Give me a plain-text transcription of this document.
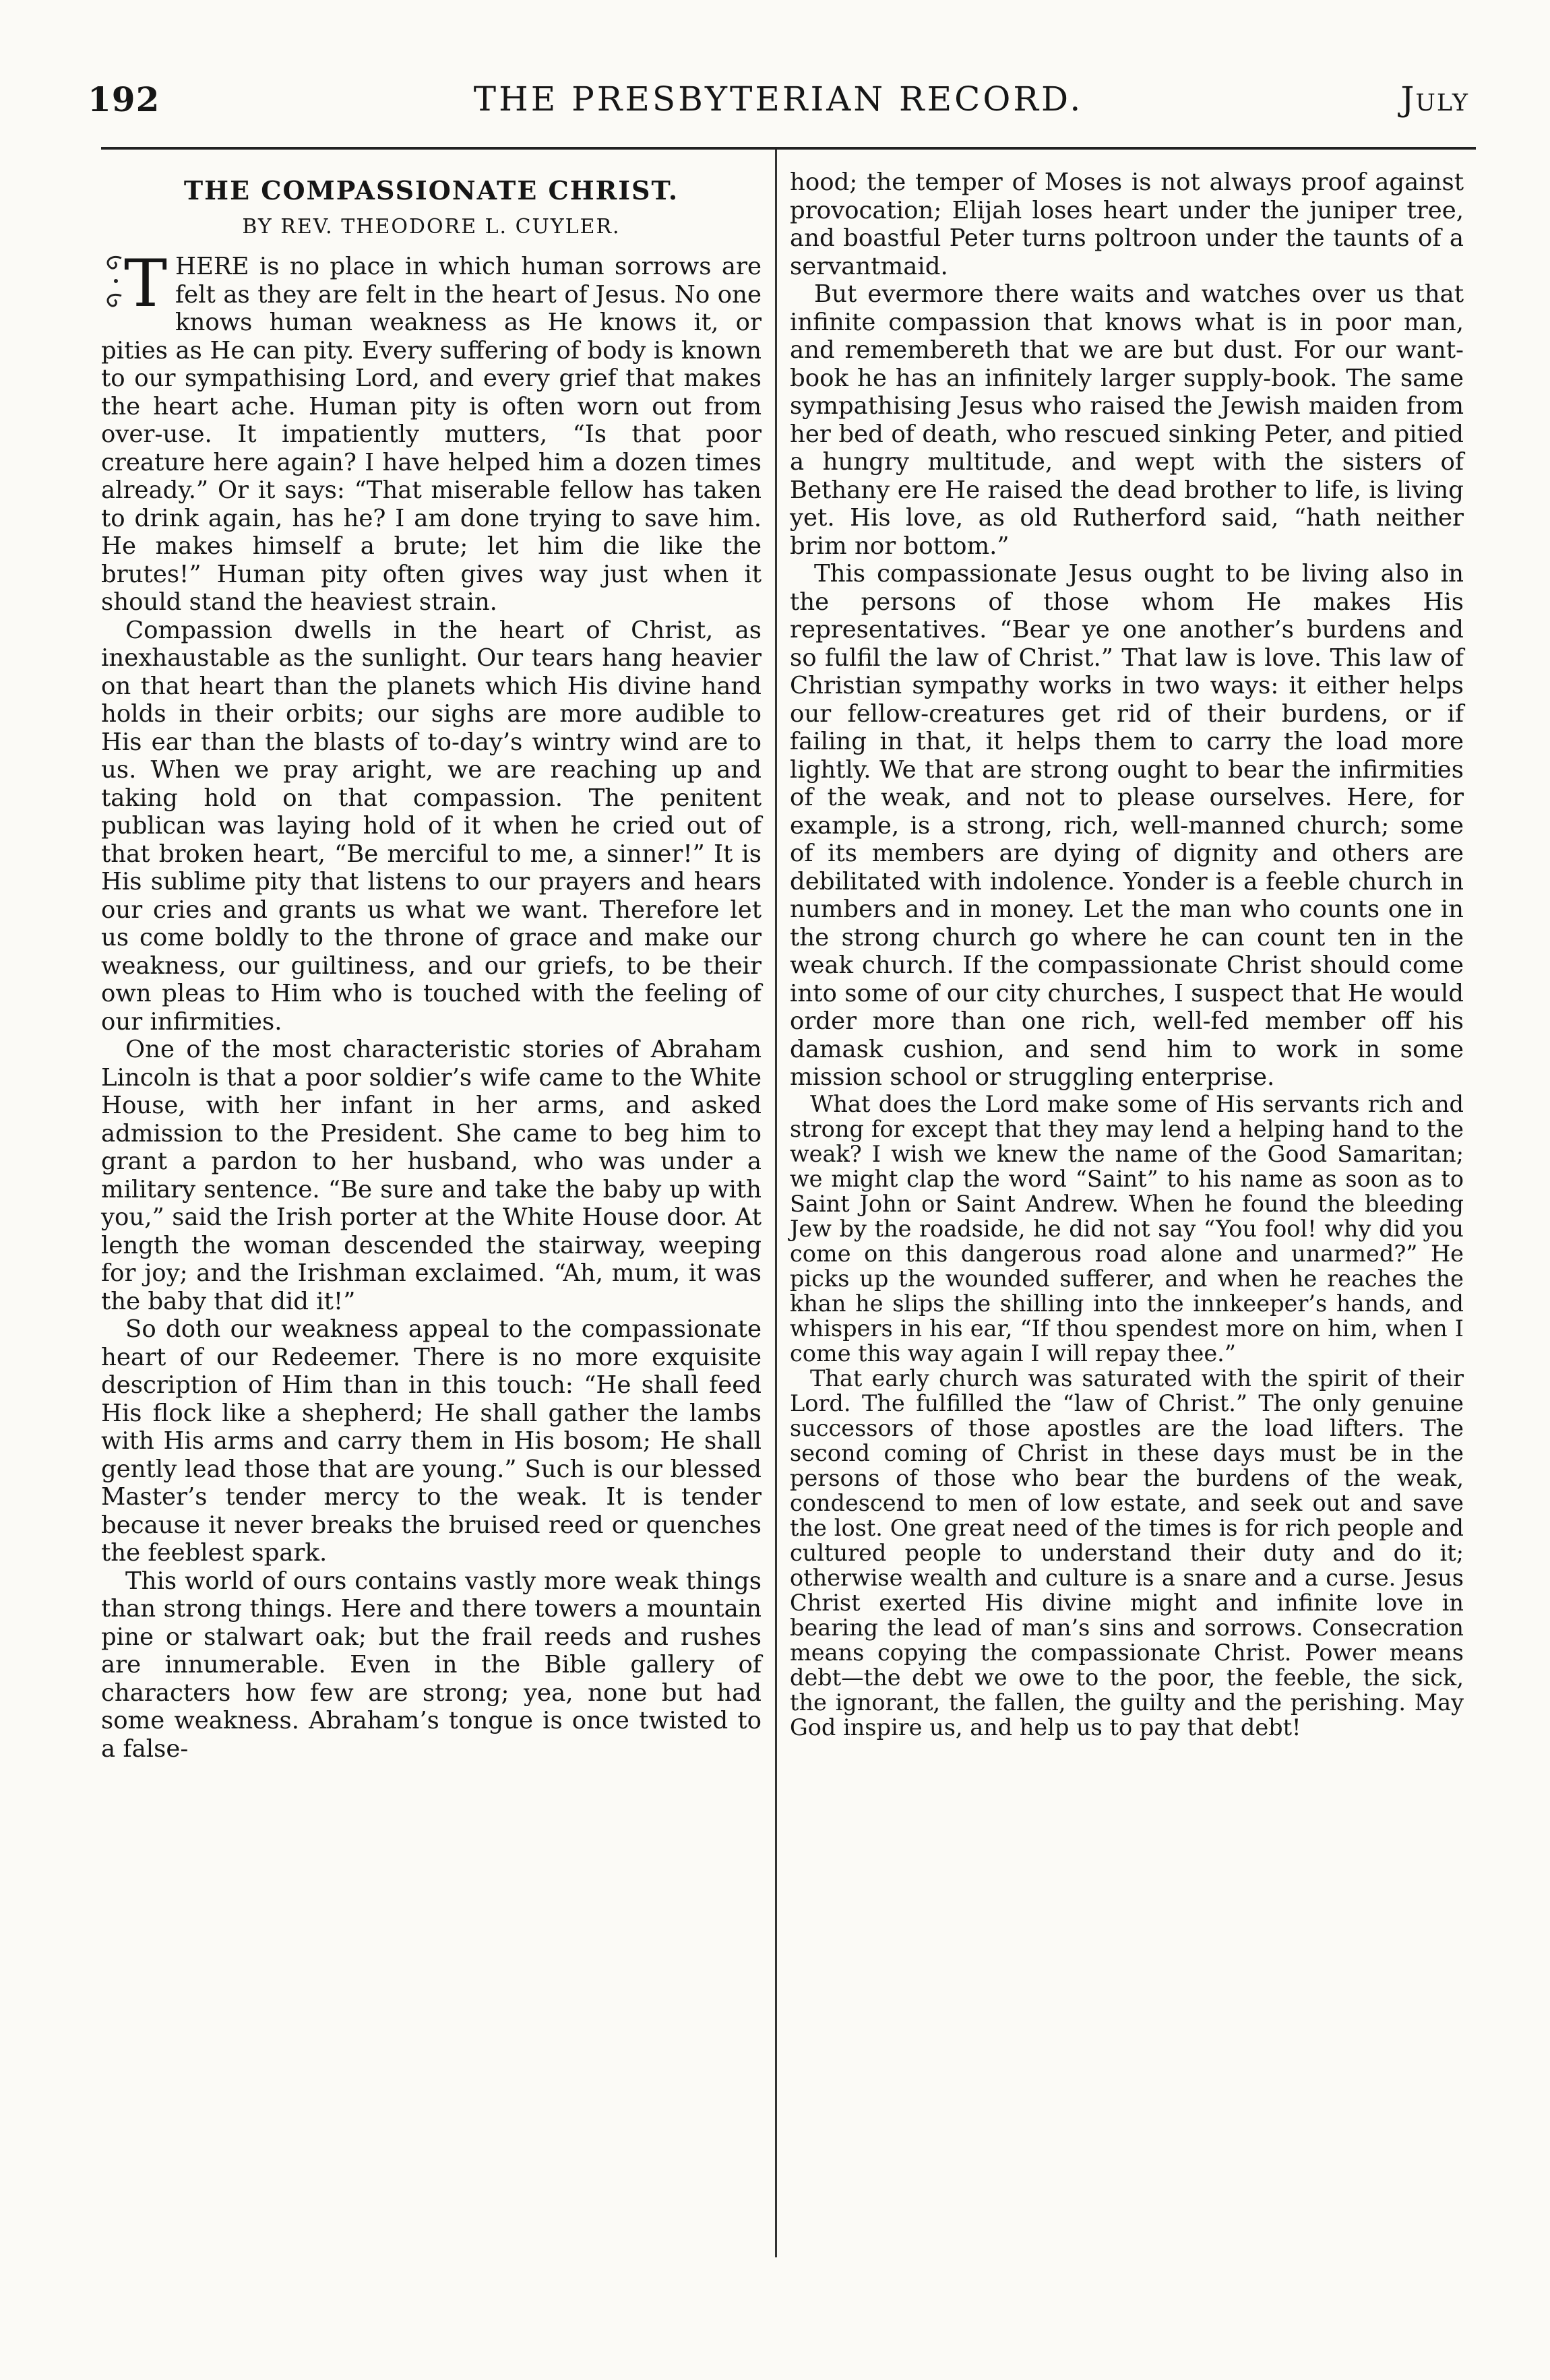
192	THE PRESBYTERIAN RECORD.	July
THE COMPASSIONATE CHRIST.
BY REV. THEODORE L. CUYLER.

THERE is no place in which human sorrows are felt as they are felt in the heart of Jesus. No one knows human weakness as He knows it, or pities as He can pity. Every suffering of body is known to our sympathising Lord, and every grief that makes the heart ache. Human pity is often worn out from over-use. It impatiently mutters, “Is that poor creature here again? I have helped him a dozen times already.” Or it says: “That miserable fellow has taken to drink again, has he? I am done trying to save him. He makes himself a brute; let him die like the brutes!” Human pity often gives way just when it should stand the heaviest strain.

Compassion dwells in the heart of Christ, as inexhaustable as the sunlight. Our tears hang heavier on that heart than the planets which His divine hand holds in their orbits; our sighs are more audible to His ear than the blasts of to-day’s wintry wind are to us. When we pray aright, we are reaching up and taking hold on that compassion. The penitent publican was laying hold of it when he cried out of that broken heart, “Be merciful to me, a sinner!” It is His sublime pity that listens to our prayers and hears our cries and grants us what we want. Therefore let us come boldly to the throne of grace and make our weakness, our guiltiness, and our griefs, to be their own pleas to Him who is touched with the feeling of our infirmities.

One of the most characteristic stories of Abraham Lincoln is that a poor soldier’s wife came to the White House, with her infant in her arms, and asked admission to the President. She came to beg him to grant a pardon to her husband, who was under a military sentence. “Be sure and take the baby up with you,” said the Irish porter at the White House door. At length the woman descended the stairway, weeping for joy; and the Irishman exclaimed. “Ah, mum, it was the baby that did it!”

So doth our weakness appeal to the compassionate heart of our Redeemer. There is no more exquisite description of Him than in this touch: “He shall feed His flock like a shepherd; He shall gather the lambs with His arms and carry them in His bosom; He shall gently lead those that are young.” Such is our blessed Master’s tender mercy to the weak. It is tender because it never breaks the bruised reed or quenches the feeblest spark.

This world of ours contains vastly more weak things than strong things. Here and there towers a mountain pine or stalwart oak; but the frail reeds and rushes are innumerable. Even in the Bible gallery of characters how few are strong; yea, none but had some weakness. Abraham’s tongue is once twisted to a false-

hood; the temper of Moses is not always proof against provocation; Elijah loses heart under the juniper tree, and boastful Peter turns poltroon under the taunts of a servantmaid.

But evermore there waits and watches over us that infinite compassion that knows what is in poor man, and remembereth that we are but dust. For our want-book he has an infinitely larger supply-book. The same sympathising Jesus who raised the Jewish maiden from her bed of death, who rescued sinking Peter, and pitied a hungry multitude, and wept with the sisters of Bethany ere He raised the dead brother to life, is living yet. His love, as old Rutherford said, “hath neither brim nor bottom.”

This compassionate Jesus ought to be living also in the persons of those whom He makes His representatives. “Bear ye one another’s burdens and so fulfil the law of Christ.” That law is love. This law of Christian sympathy works in two ways: it either helps our fellow-creatures get rid of their burdens, or if failing in that, it helps them to carry the load more lightly. We that are strong ought to bear the infirmities of the weak, and not to please ourselves. Here, for example, is a strong, rich, well-manned church; some of its members are dying of dignity and others are debilitated with indolence. Yonder is a feeble church in numbers and in money. Let the man who counts one in the strong church go where he can count ten in the weak church. If the compassionate Christ should come into some of our city churches, I suspect that He would order more than one rich, well-fed member off his damask cushion, and send him to work in some mission school or struggling enterprise.

What does the Lord make some of His servants rich and strong for except that they may lend a helping hand to the weak? I wish we knew the name of the Good Samaritan; we might clap the word “Saint” to his name as soon as to Saint John or Saint Andrew. When he found the bleeding Jew by the roadside, he did not say “You fool! why did you come on this dangerous road alone and unarmed?” He picks up the wounded sufferer, and when he reaches the khan he slips the shilling into the innkeeper’s hands, and whispers in his ear, “If thou spendest more on him, when I come this way again I will repay thee.”

That early church was saturated with the spirit of their Lord. The fulfilled the “law of Christ.” The only genuine successors of those apostles are the load lifters. The second coming of Christ in these days must be in the persons of those who bear the burdens of the weak, condescend to men of low estate, and seek out and save the lost. One great need of the times is for rich people and cultured people to understand their duty and do it; otherwise wealth and culture is a snare and a curse. Jesus Christ exerted His divine might and infinite love in bearing the lead of man’s sins and sorrows. Consecration means copying the compassionate Christ. Power means debt—the debt we owe to the poor, the feeble, the sick, the ignorant, the fallen, the guilty and the perishing. May God inspire us, and help us to pay that debt!
